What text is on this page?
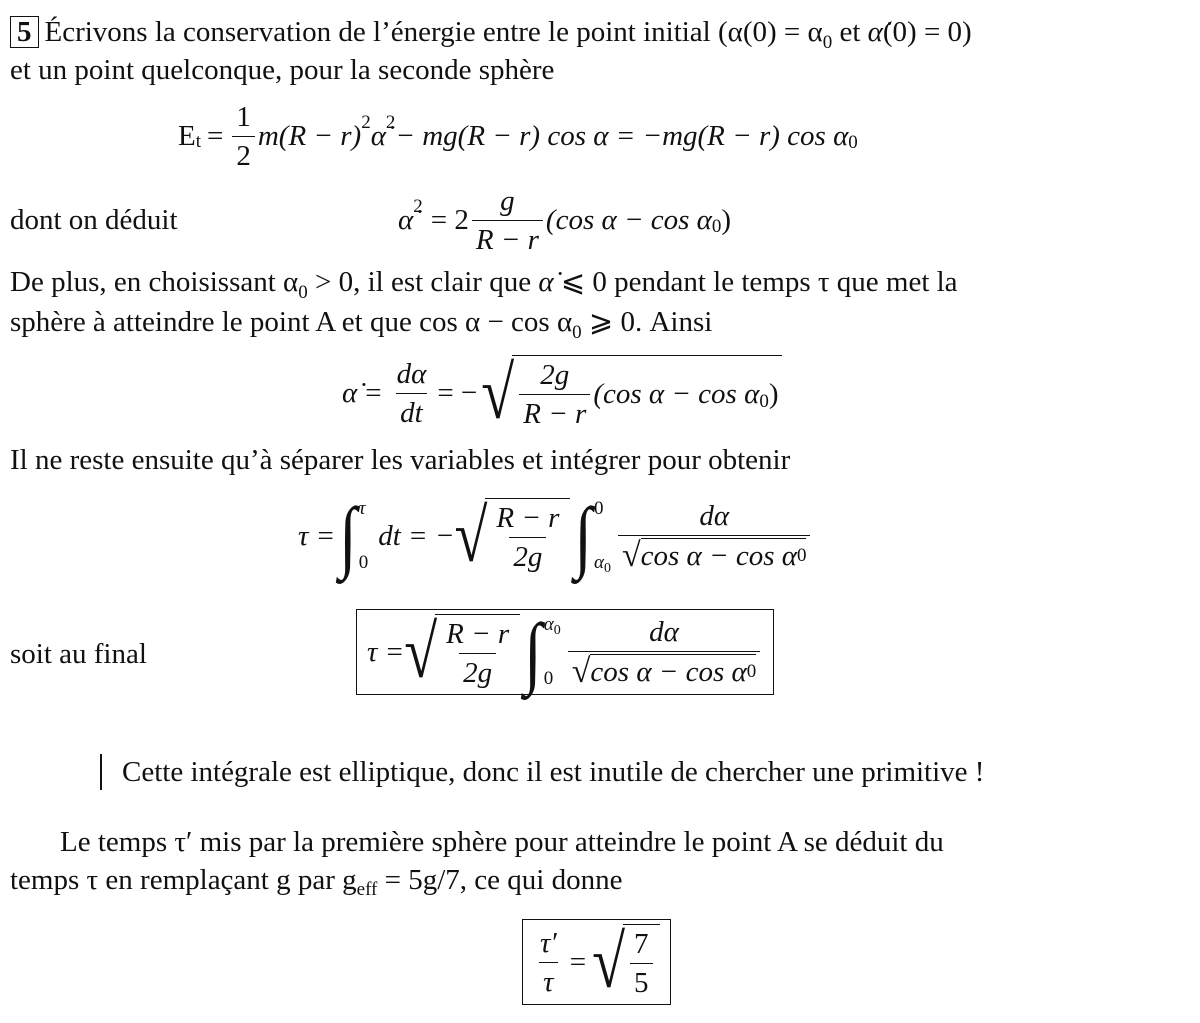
5 Écrivons la conservation de l’énergie entre le point initial ($\alpha(0) = \alpha_0$ et α̇(0) = 0)
et un point quelconque, pour la seconde sphère
E $t = \frac{1}{2} m(R - r)$ 2 α̇ 2 − mg(R − r) cos α = −mg(R − r) cos α 0
dont on déduit	α̇ $2 = 2 \frac{g}{R - r} (\cos$ α − cos α 0 )
De plus, en choisissant $\alpha_0 > 0$, il est clair que α̇ ⩽ 0 pendant le temps τ que met la
sphère à atteindre le point A et que $\cos \alpha - \cos \alpha_0$ ⩾ 0. Ainsi
α̇ = $\frac{d\alpha}{dt}$ = − √ $\frac{2g}{R - r} (\cos$ α − cos α 0 )
Il ne reste ensuite qu’à séparer les variables et intégrer pour obtenir
τ = ∫ τ
0
dt = − √ $\frac{R - r}{2g}$ ∫ 0
$\alpha_0 \frac{d\alpha}{\text{√ cos α − cos α 0}}$
soit au final	τ = √ $\frac{R - r}{2g}$ ∫ $\alpha_0$
$0 \frac{d\alpha}{\text{√ cos α − cos α 0}}$
Cette intégrale est elliptique, donc il est inutile de chercher une primitive !
Le temps τ′ mis par la première sphère pour atteindre le point A se déduit du
temps τ en remplaçant g par $g_{eff} = 5g/7$, ce qui donne
$\frac{\tau'}{\tau}$ = √ $\frac{7}{5}$
